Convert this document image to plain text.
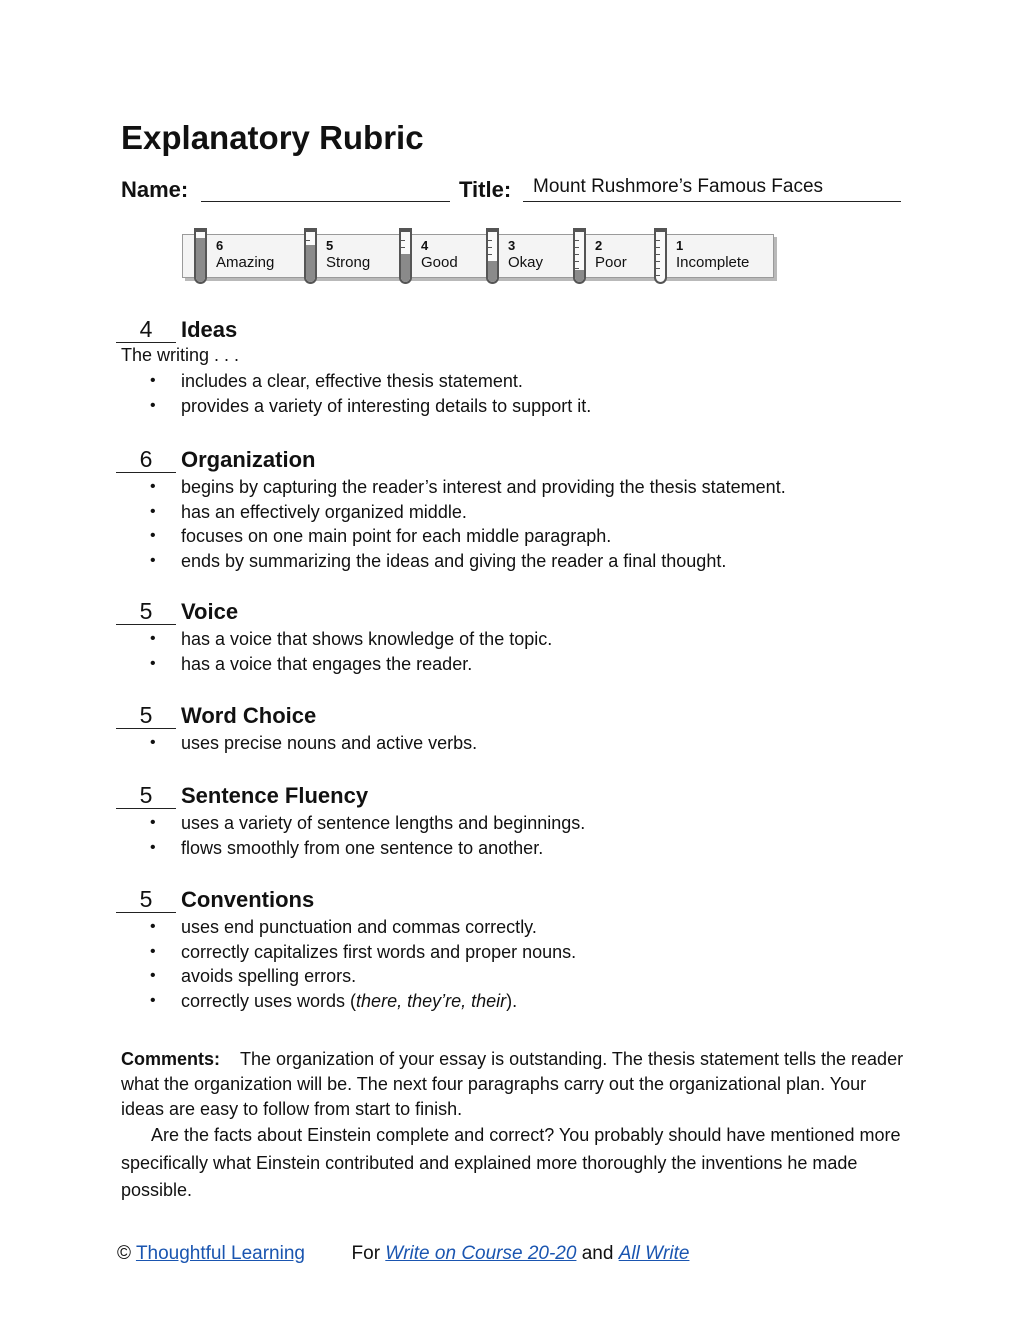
Explanatory Rubric
Name:	Title: Mount Rushmore’s Famous Faces
6
Amazing
5
Strong
4
Good
3
Okay
2
Poor
1
Incomplete
4	Ideas
The writing . . .
• includes a clear, effective thesis statement.
• provides a variety of interesting details to support it.
6	Organization
• begins by capturing the reader’s interest and providing the thesis statement.
• has an effectively organized middle.
• focuses on one main point for each middle paragraph.
• ends by summarizing the ideas and giving the reader a final thought.
5	Voice
• has a voice that shows knowledge of the topic.
• has a voice that engages the reader.
5	Word Choice
• uses precise nouns and active verbs.
5	Sentence Fluency
• uses a variety of sentence lengths and beginnings.
• flows smoothly from one sentence to another.
5	Conventions
• uses end punctuation and commas correctly.
• correctly capitalizes first words and proper nouns.
• avoids spelling errors.
• correctly uses words (there, they’re, their).

Comments: The organization of your essay is outstanding. The thesis statement tells the reader what the organization will be. The next four paragraphs carry out the organizational plan. Your ideas are easy to follow from start to finish.

Are the facts about Einstein complete and correct? You probably should have mentioned more specifically what Einstein contributed and explained more thoroughly the inventions he made possible.

© Thoughtful Learning For Write on Course 20-20 and All Write
